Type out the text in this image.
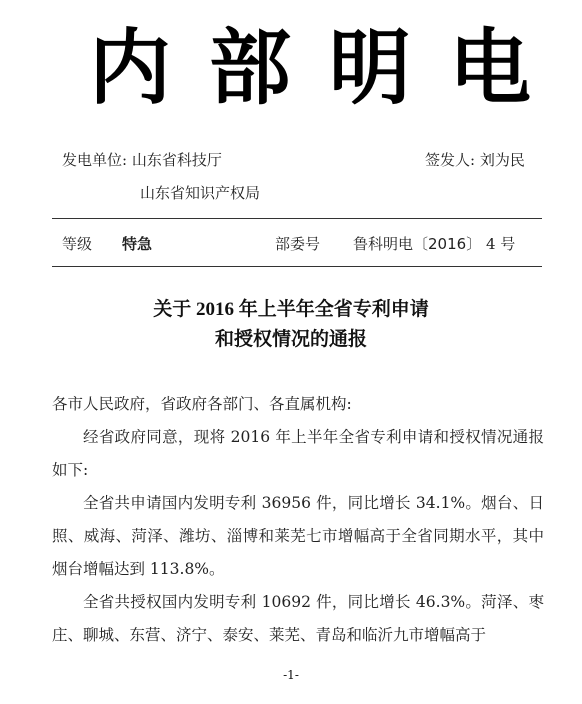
内部明电
发电单位: 山东省科技厅	签发人: 刘为民
山东省知识产权局
等级 特急	部委号 鲁科明电〔2016〕 4 号
关于 2016 年上半年全省专利申请
和授权情况的通报

各市人民政府，省政府各部门、各直属机构:

经省政府同意，现将 2016 年上半年全省专利申请和授权情况通报如下:

全省共申请国内发明专利 36956 件，同比增长 34.1%。烟台、日照、威海、菏泽、潍坊、淄博和莱芜七市增幅高于全省同期水平，其中烟台增幅达到 113.8%。

全省共授权国内发明专利 10692 件，同比增长 46.3%。菏泽、枣庄、聊城、东营、济宁、泰安、莱芜、青岛和临沂九市增幅高于

-1-
